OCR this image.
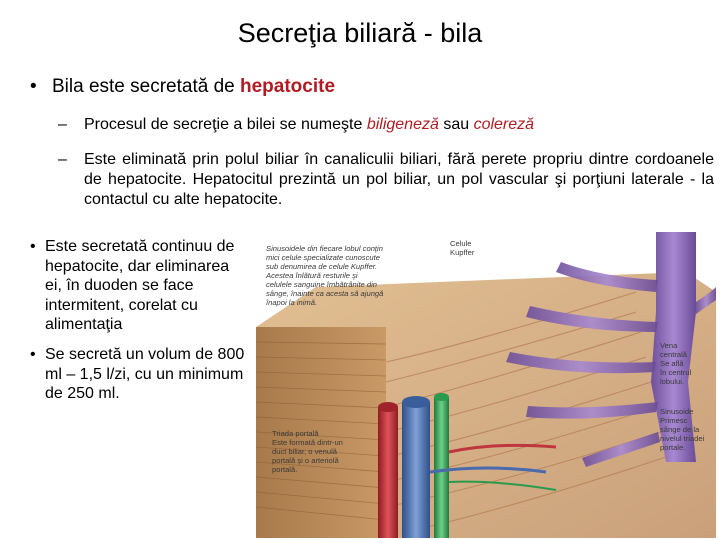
Secreţia biliară - bila
• Bila este secretată de hepatocite
– Procesul de secreţie a bilei se numeşte biligeneză sau colereză
– Este eliminată prin polul biliar în canaliculii biliari, fără perete propriu dintre cordoanele de hepatocite. Hepatocitul prezintă un pol biliar, un pol vascular şi porţiuni laterale - la contactul cu alte hepatocite.
• Este secretată continuu de hepatocite, dar eliminarea ei, în duoden se face intermitent, corelat cu alimentaţia
• Se secretă un volum de 800 ml – 1,5 l/zi, cu un minimum de 250 ml.
Sinusoidele din fiecare lobul conţin
mici celule specializate cunoscute
sub denumirea de celule Kupffer.
Acestea înlătură resturile şi
celulele sanguine îmbătrânite din
sânge, înainte ca acesta să ajungă
înapoi la inimă.
Celule
Kupffer
Vena
centrală
Se află
în centrul
lobului.
Sinusoide
Primesc
sânge de la
nivelul triadei
portale.
Triada portală
Este formată dintr-un
duct biliar, o venulă
portală şi o arteriolă
portală.
